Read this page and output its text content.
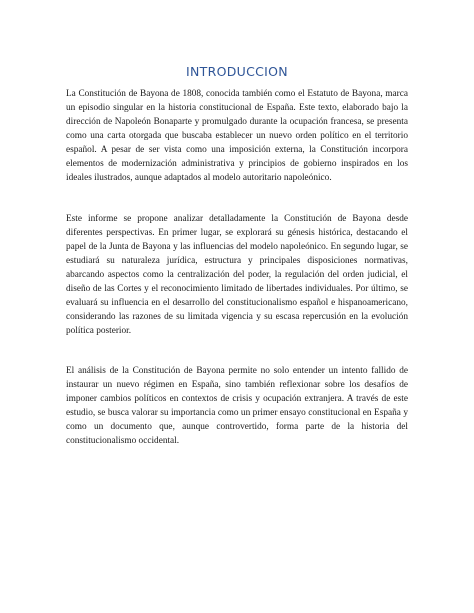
INTRODUCCION

La Constitución de Bayona de 1808, conocida también como el Estatuto de Bayona, marca un episodio singular en la historia constitucional de España. Este texto, elaborado bajo la dirección de Napoleón Bonaparte y promulgado durante la ocupación francesa, se presenta como una carta otorgada que buscaba establecer un nuevo orden político en el territorio español. A pesar de ser vista como una imposición externa, la Constitución incorpora elementos de modernización administrativa y principios de gobierno inspirados en los ideales ilustrados, aunque adaptados al modelo autoritario napoleónico.

Este informe se propone analizar detalladamente la Constitución de Bayona desde diferentes perspectivas. En primer lugar, se explorará su génesis histórica, destacando el papel de la Junta de Bayona y las influencias del modelo napoleónico. En segundo lugar, se estudiará su naturaleza jurídica, estructura y principales disposiciones normativas, abarcando aspectos como la centralización del poder, la regulación del orden judicial, el diseño de las Cortes y el reconocimiento limitado de libertades individuales. Por último, se evaluará su influencia en el desarrollo del constitucionalismo español e hispanoamericano, considerando las razones de su limitada vigencia y su escasa repercusión en la evolución política posterior.

El análisis de la Constitución de Bayona permite no solo entender un intento fallido de instaurar un nuevo régimen en España, sino también reflexionar sobre los desafíos de imponer cambios políticos en contextos de crisis y ocupación extranjera. A través de este estudio, se busca valorar su importancia como un primer ensayo constitucional en España y como un documento que, aunque controvertido, forma parte de la historia del constitucionalismo occidental.
